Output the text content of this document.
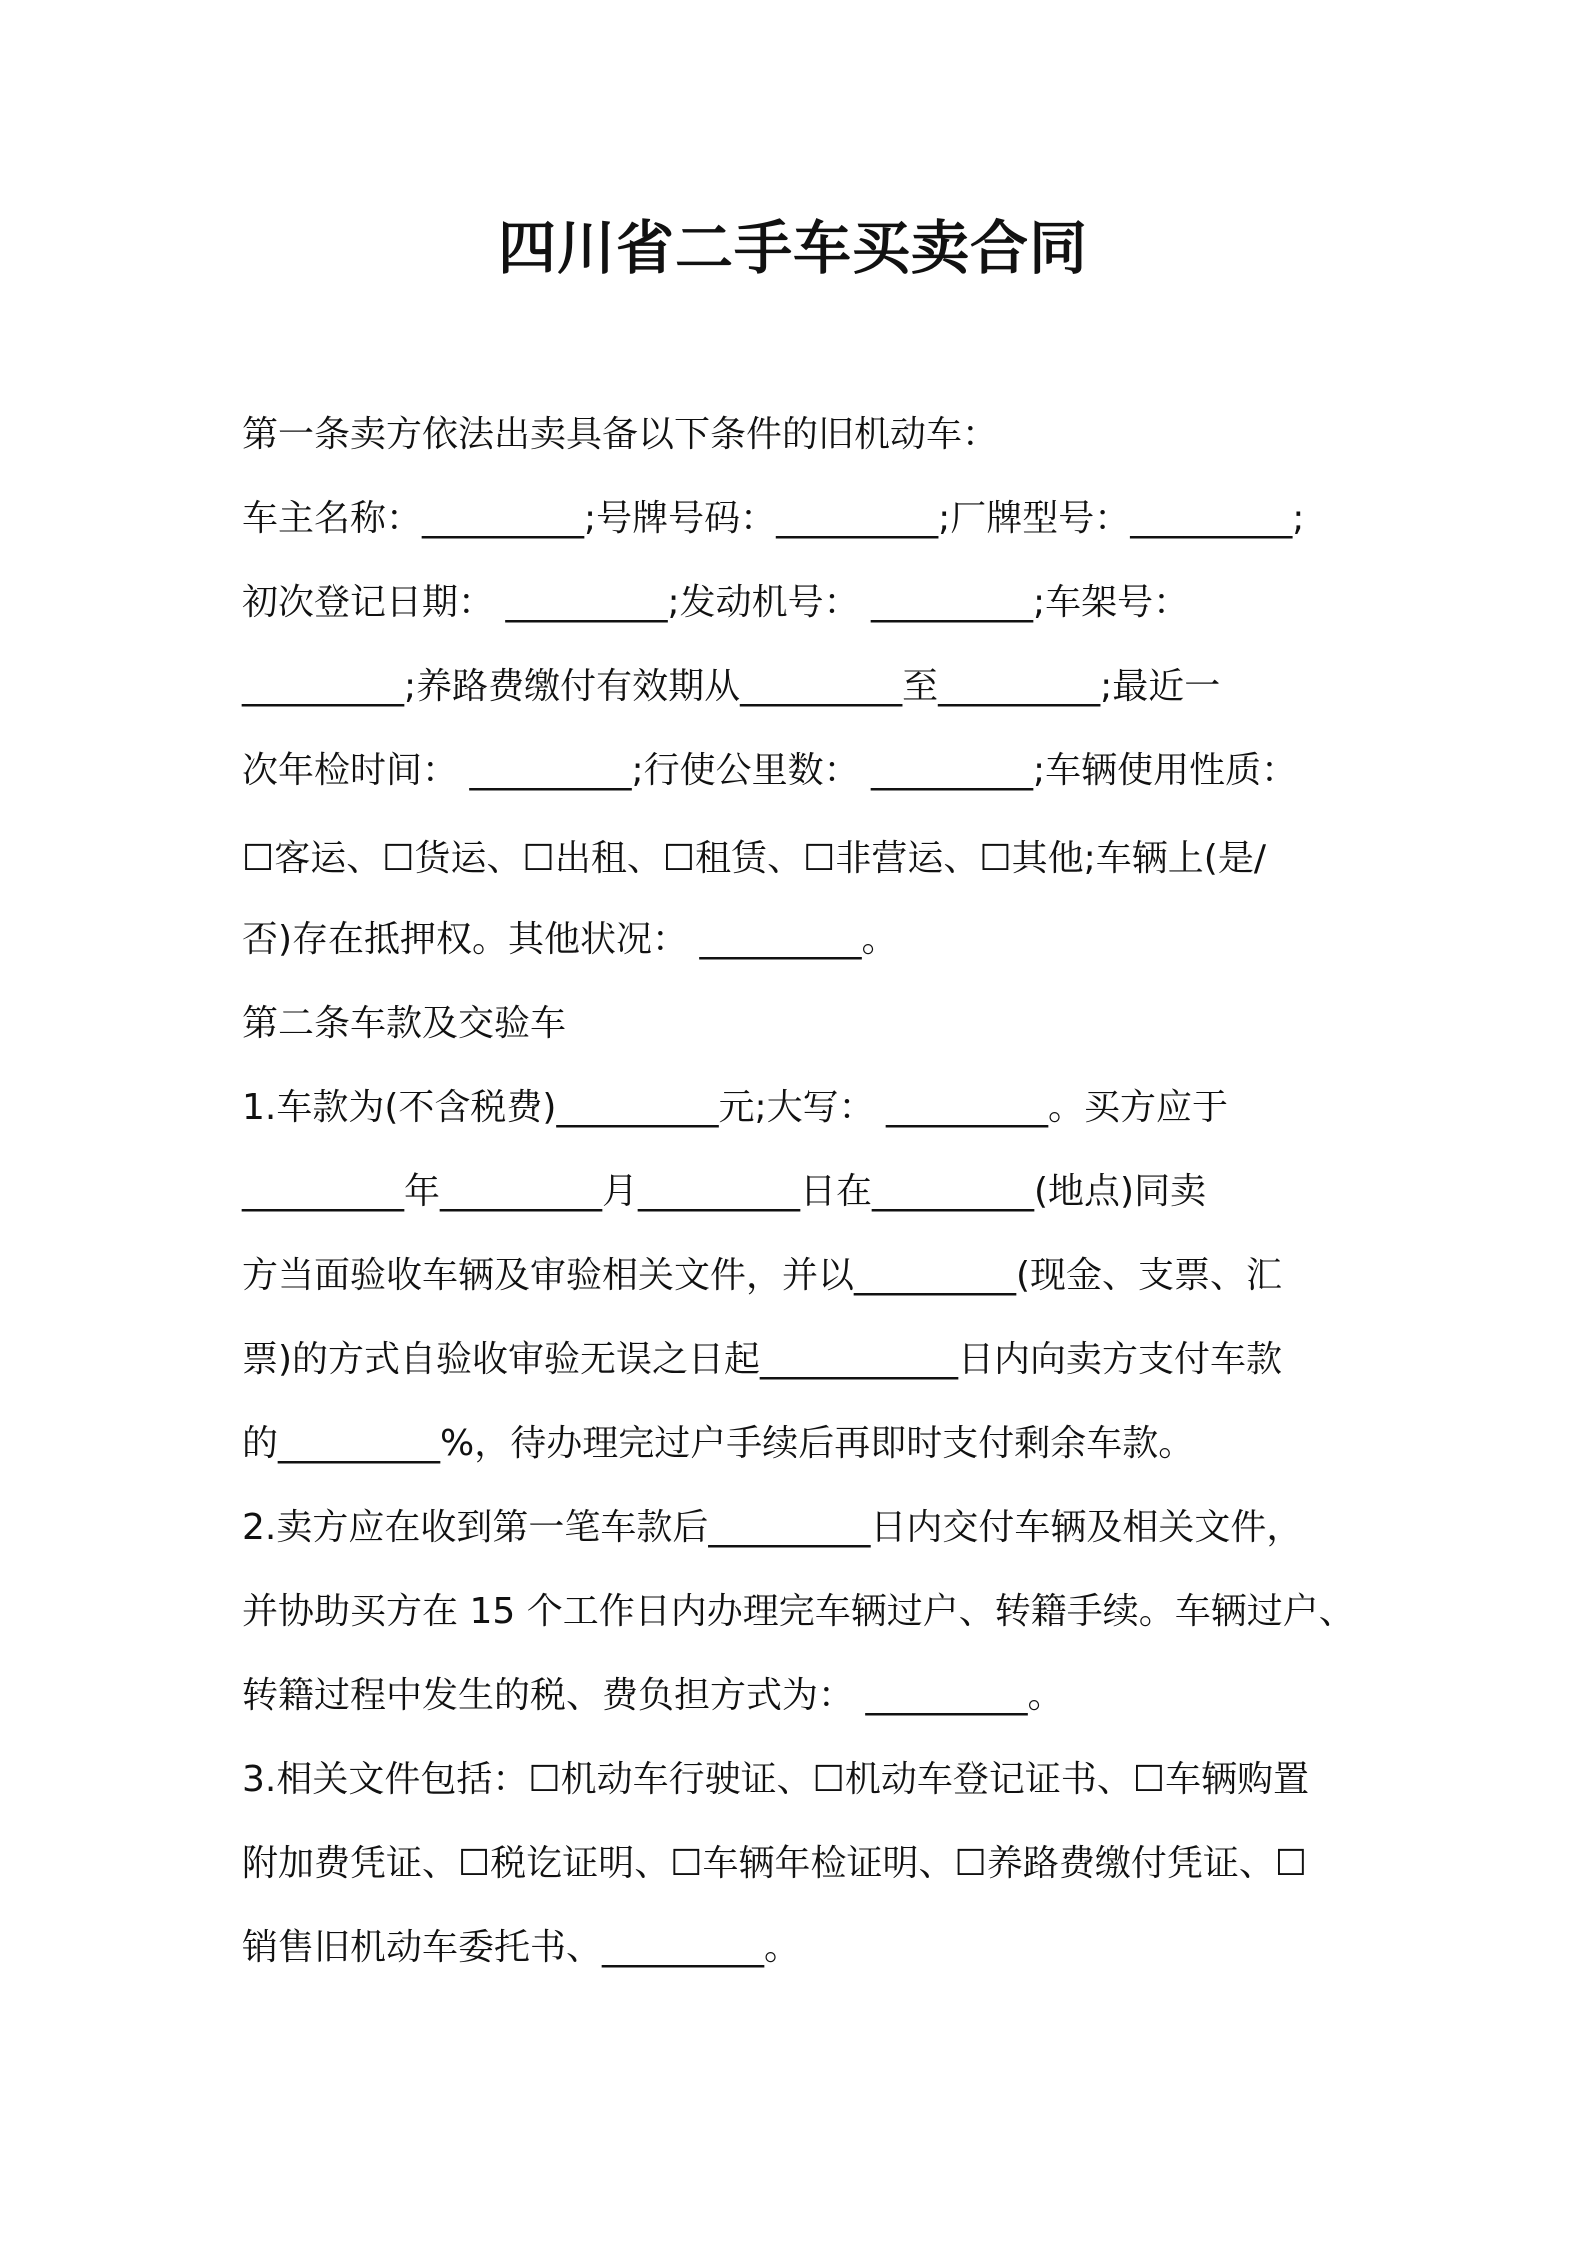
四川省二手车买卖合同
第一条卖方依法出卖具备以下条件的旧机动车：
车主名称：_________;号牌号码：_________;厂牌型号：_________;
初次登记日期： _________;发动机号： _________;车架号：
_________;养路费缴付有效期从_________至_________;最近一
次年检时间： _________;行使公里数： _________;车辆使用性质：
☐客运、☐货运、☐出租、☐租赁、☐非营运、☐其他;车辆上(是/
否)存在抵押权。其他状况： _________。
第二条车款及交验车
1.车款为(不含税费)_________元;大写： _________。买方应于
_________年_________月_________日在_________(地点)同卖
方当面验收车辆及审验相关文件，并以_________(现金、支票、汇
票)的方式自验收审验无误之日起___________日内向卖方支付车款
的_________%，待办理完过户手续后再即时支付剩余车款。
2.卖方应在收到第一笔车款后_________日内交付车辆及相关文件，
并协助买方在 15 个工作日内办理完车辆过户、转籍手续。车辆过户、
转籍过程中发生的税、费负担方式为： _________。
3.相关文件包括：☐机动车行驶证、☐机动车登记证书、☐车辆购置
附加费凭证、☐税讫证明、☐车辆年检证明、☐养路费缴付凭证、☐
销售旧机动车委托书、_________。
